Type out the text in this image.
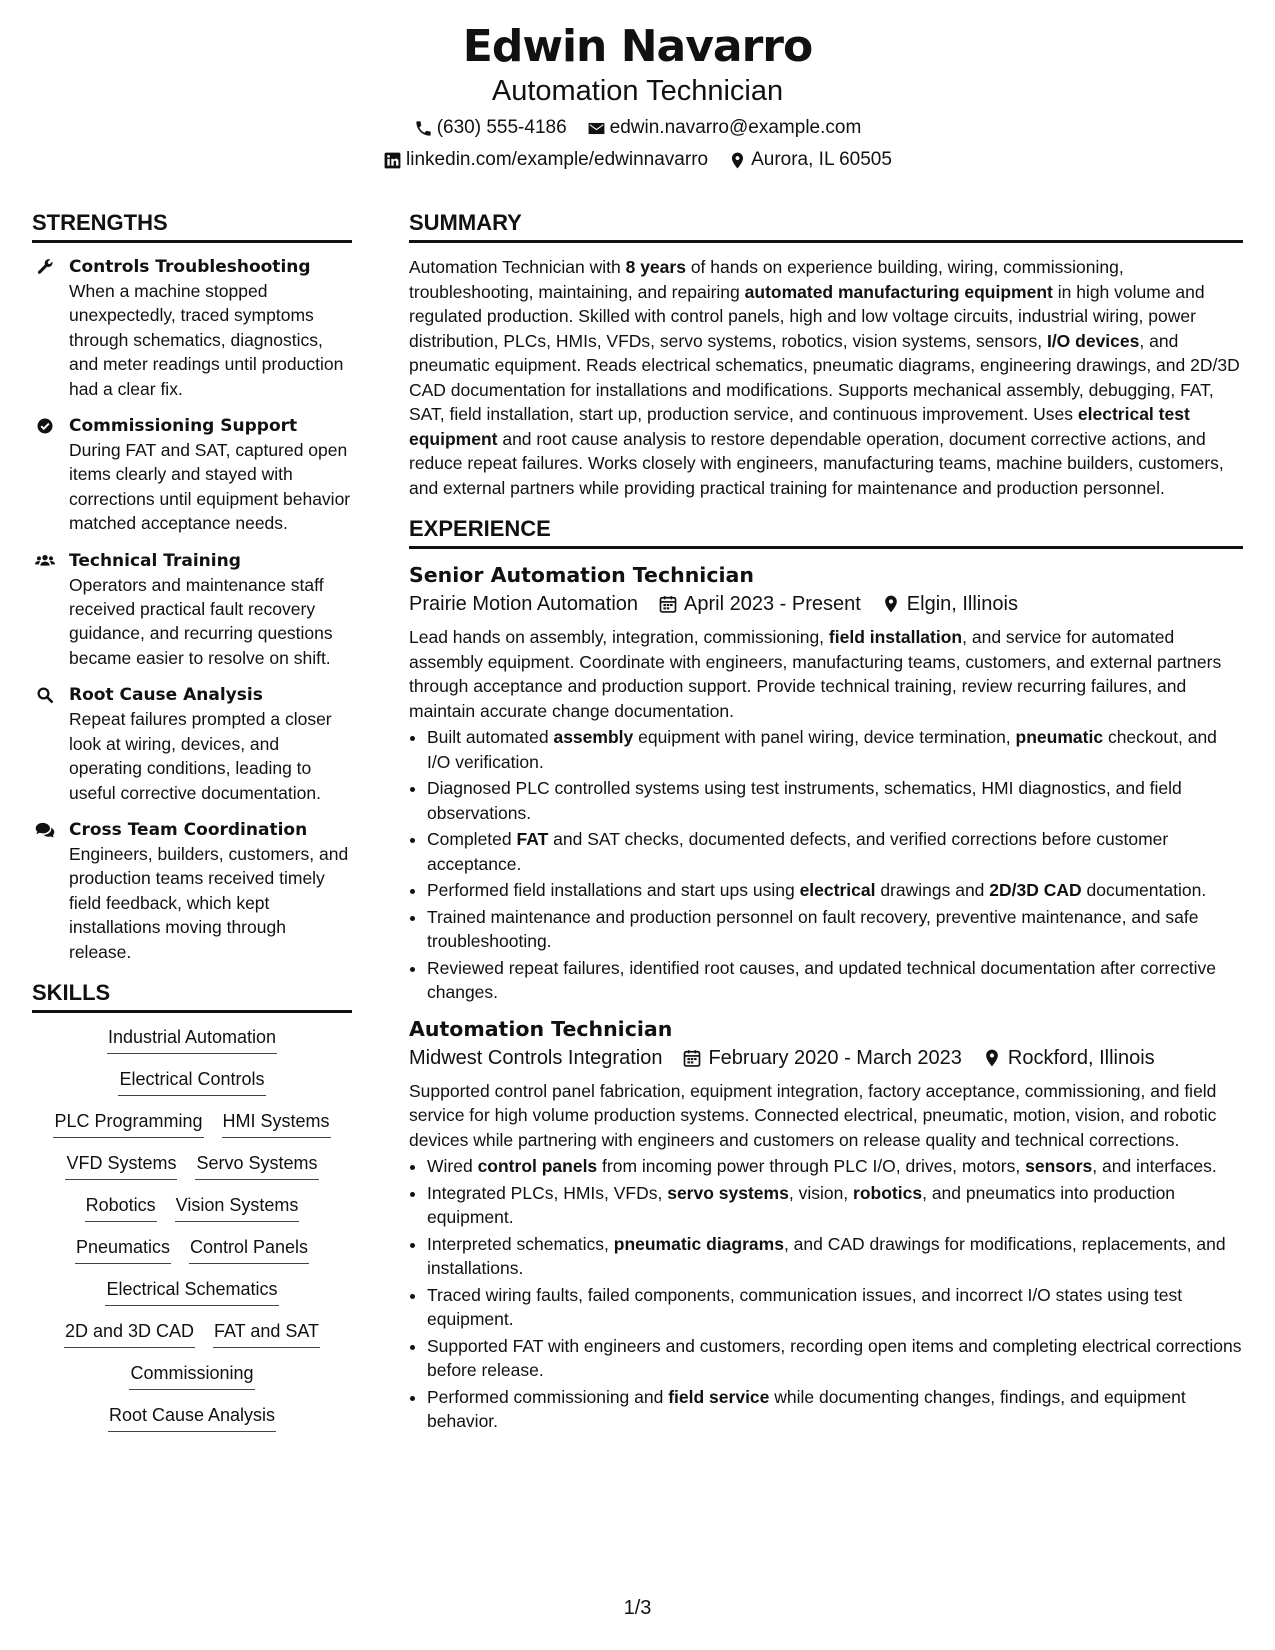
Edwin Navarro
Automation Technician
(630) 555-4186 edwin.navarro@example.com
linkedin.com/example/edwinnavarro Aurora, IL 60505
STRENGTHS
Controls Troubleshooting
When a machine stopped unexpectedly, traced symptoms through schematics, diagnostics, and meter readings until production had a clear fix.
Commissioning Support
During FAT and SAT, captured open items clearly and stayed with corrections until equipment behavior matched acceptance needs.
Technical Training
Operators and maintenance staff received practical fault recovery guidance, and recurring questions became easier to resolve on shift.
Root Cause Analysis
Repeat failures prompted a closer look at wiring, devices, and operating conditions, leading to useful corrective documentation.
Cross Team Coordination
Engineers, builders, customers, and production teams received timely field feedback, which kept installations moving through release.
SKILLS
Industrial Automation
Electrical Controls
PLC Programming HMI Systems
VFD Systems Servo Systems
Robotics Vision Systems
Pneumatics Control Panels
Electrical Schematics
2D and 3D CAD FAT and SAT
Commissioning
Root Cause Analysis
SUMMARY
Automation Technician with 8 years of hands on experience building, wiring, commissioning, troubleshooting, maintaining, and repairing automated manufacturing equipment in high volume and regulated production. Skilled with control panels, high and low voltage circuits, industrial wiring, power distribution, PLCs, HMIs, VFDs, servo systems, robotics, vision systems, sensors, I/O devices, and pneumatic equipment. Reads electrical schematics, pneumatic diagrams, engineering drawings, and 2D/3D CAD documentation for installations and modifications. Supports mechanical assembly, debugging, FAT, SAT, field installation, start up, production service, and continuous improvement. Uses electrical test equipment and root cause analysis to restore dependable operation, document corrective actions, and reduce repeat failures. Works closely with engineers, manufacturing teams, machine builders, customers, and external partners while providing practical training for maintenance and production personnel.
EXPERIENCE
Senior Automation Technician
Prairie Motion Automation April 2023 - Present Elgin, Illinois
Lead hands on assembly, integration, commissioning, field installation, and service for automated assembly equipment. Coordinate with engineers, manufacturing teams, customers, and external partners through acceptance and production support. Provide technical training, review recurring failures, and maintain accurate change documentation.
• Built automated assembly equipment with panel wiring, device termination, pneumatic checkout, and I/O verification.
• Diagnosed PLC controlled systems using test instruments, schematics, HMI diagnostics, and field observations.
• Completed FAT and SAT checks, documented defects, and verified corrections before customer acceptance.
• Performed field installations and start ups using electrical drawings and 2D/3D CAD documentation.
• Trained maintenance and production personnel on fault recovery, preventive maintenance, and safe troubleshooting.
• Reviewed repeat failures, identified root causes, and updated technical documentation after corrective changes.
Automation Technician
Midwest Controls Integration February 2020 - March 2023 Rockford, Illinois
Supported control panel fabrication, equipment integration, factory acceptance, commissioning, and field service for high volume production systems. Connected electrical, pneumatic, motion, vision, and robotic devices while partnering with engineers and customers on release quality and technical corrections.
• Wired control panels from incoming power through PLC I/O, drives, motors, sensors, and interfaces.
• Integrated PLCs, HMIs, VFDs, servo systems, vision, robotics, and pneumatics into production equipment.
• Interpreted schematics, pneumatic diagrams, and CAD drawings for modifications, replacements, and installations.
• Traced wiring faults, failed components, communication issues, and incorrect I/O states using test equipment.
• Supported FAT with engineers and customers, recording open items and completing electrical corrections before release.
• Performed commissioning and field service while documenting changes, findings, and equipment behavior.
1/3
